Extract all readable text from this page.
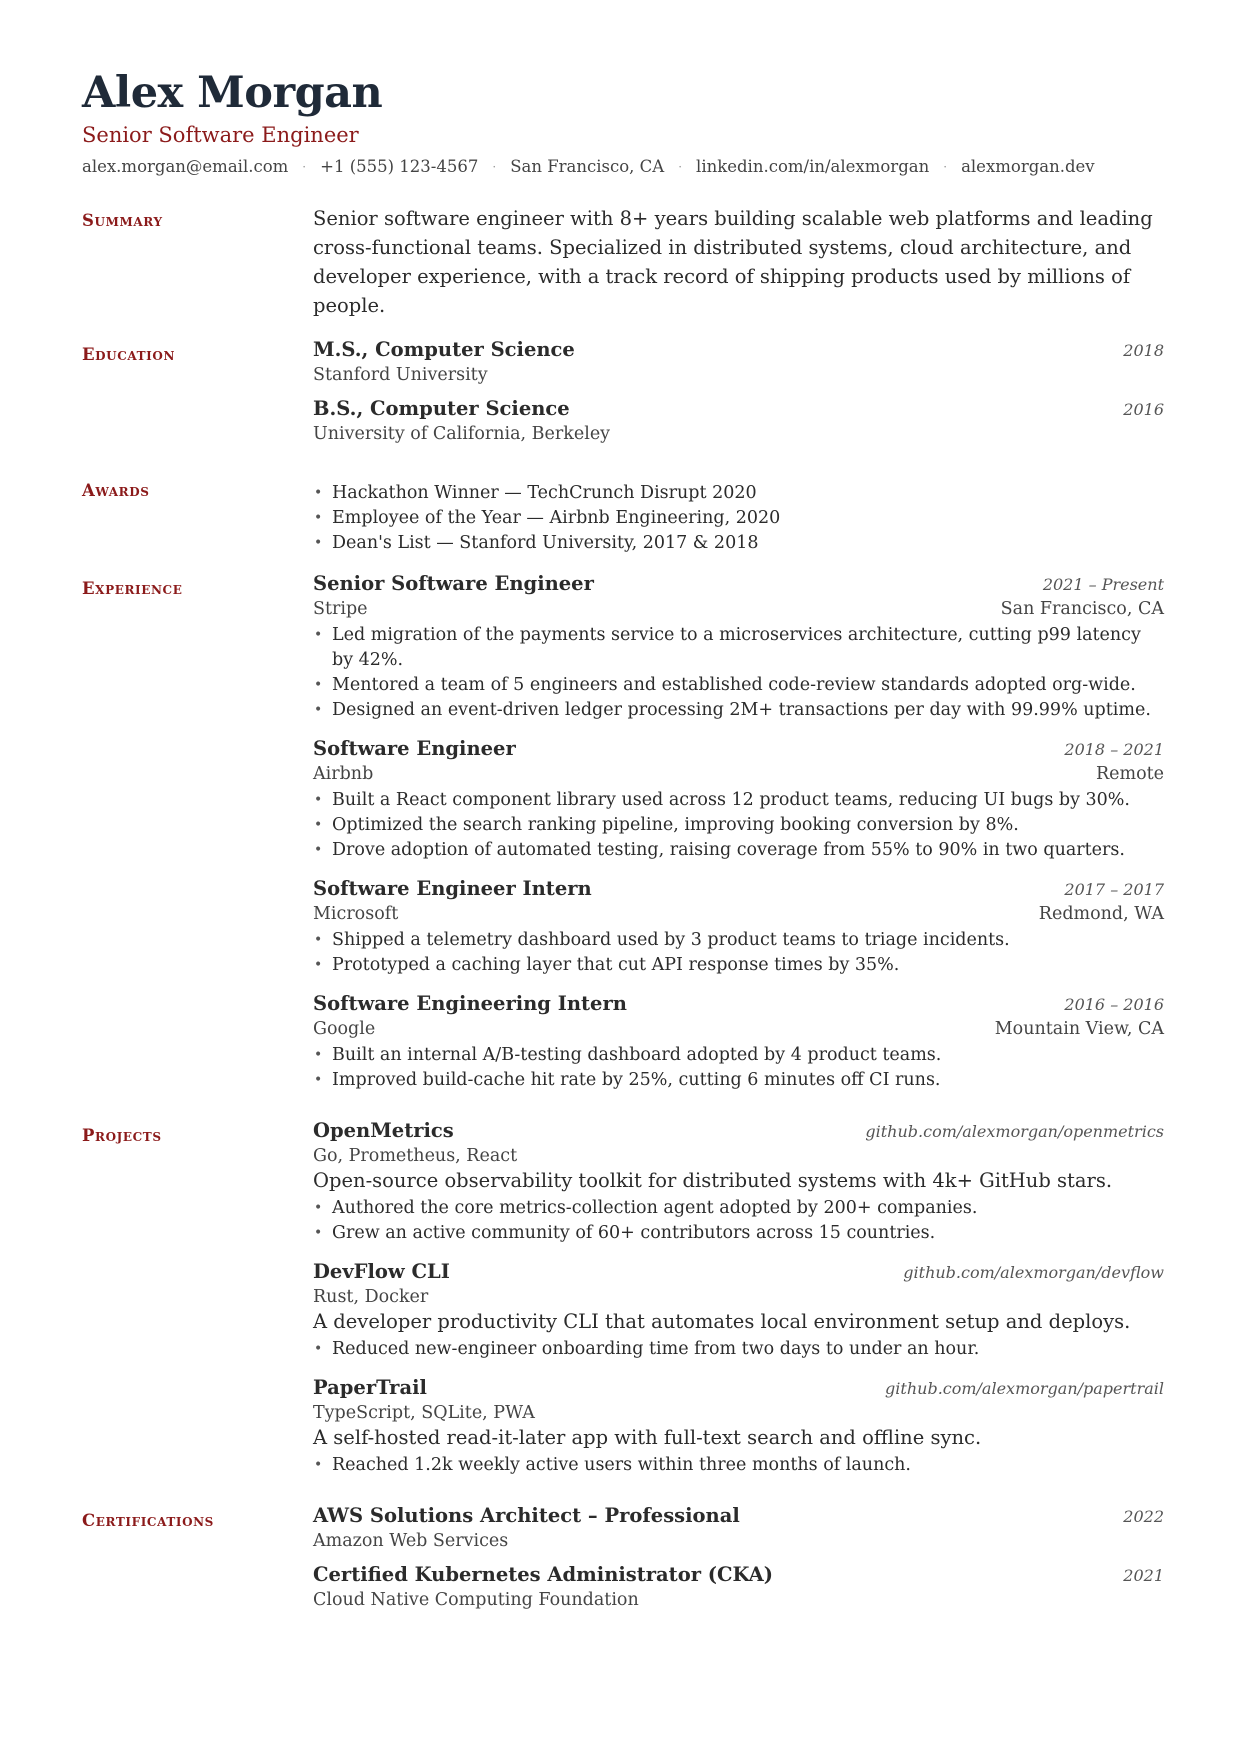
Alex Morgan
Senior Software Engineer
alex.morgan@email.com · +1 (555) 123-4567 · San Francisco, CA · linkedin.com/in/alexmorgan · alexmorgan.dev
Summary	Senior software engineer with 8+ years building scalable web platforms and leading cross-functional teams. Specialized in distributed systems, cloud architecture, and developer experience, with a track record of shipping products used by millions of people.
Education	M.S., Computer Science	2018
Stanford University
B.S., Computer Science	2016
University of California, Berkeley
Awards
•	Hackathon Winner — TechCrunch Disrupt 2020
• Employee of the Year — Airbnb Engineering, 2020
• Dean's List — Stanford University, 2017 & 2018
Experience	Senior Software Engineer	2021 – Present
Stripe	San Francisco, CA
• Led migration of the payments service to a microservices architecture, cutting p99 latency by 42%.
• Mentored a team of 5 engineers and established code-review standards adopted org-wide.
• Designed an event-driven ledger processing 2M+ transactions per day with 99.99% uptime.
Software Engineer	2018 – 2021
Airbnb	Remote
• Built a React component library used across 12 product teams, reducing UI bugs by 30%.
• Optimized the search ranking pipeline, improving booking conversion by 8%.
• Drove adoption of automated testing, raising coverage from 55% to 90% in two quarters.
Software Engineer Intern	2017 – 2017
Microsoft	Redmond, WA
• Shipped a telemetry dashboard used by 3 product teams to triage incidents.
• Prototyped a caching layer that cut API response times by 35%.
Software Engineering Intern	2016 – 2016
Google	Mountain View, CA
• Built an internal A/B-testing dashboard adopted by 4 product teams.
• Improved build-cache hit rate by 25%, cutting 6 minutes off CI runs.
Projects	OpenMetrics	github.com/alexmorgan/openmetrics
Go, Prometheus, React
Open-source observability toolkit for distributed systems with 4k+ GitHub stars.
• Authored the core metrics-collection agent adopted by 200+ companies.
• Grew an active community of 60+ contributors across 15 countries.
DevFlow CLI	github.com/alexmorgan/devflow
Rust, Docker
A developer productivity CLI that automates local environment setup and deploys.
• Reduced new-engineer onboarding time from two days to under an hour.
PaperTrail	github.com/alexmorgan/papertrail
TypeScript, SQLite, PWA
A self-hosted read-it-later app with full-text search and offline sync.
• Reached 1.2k weekly active users within three months of launch.
Certifications	AWS Solutions Architect – Professional	2022
Amazon Web Services
Certified Kubernetes Administrator (CKA)	2021
Cloud Native Computing Foundation
